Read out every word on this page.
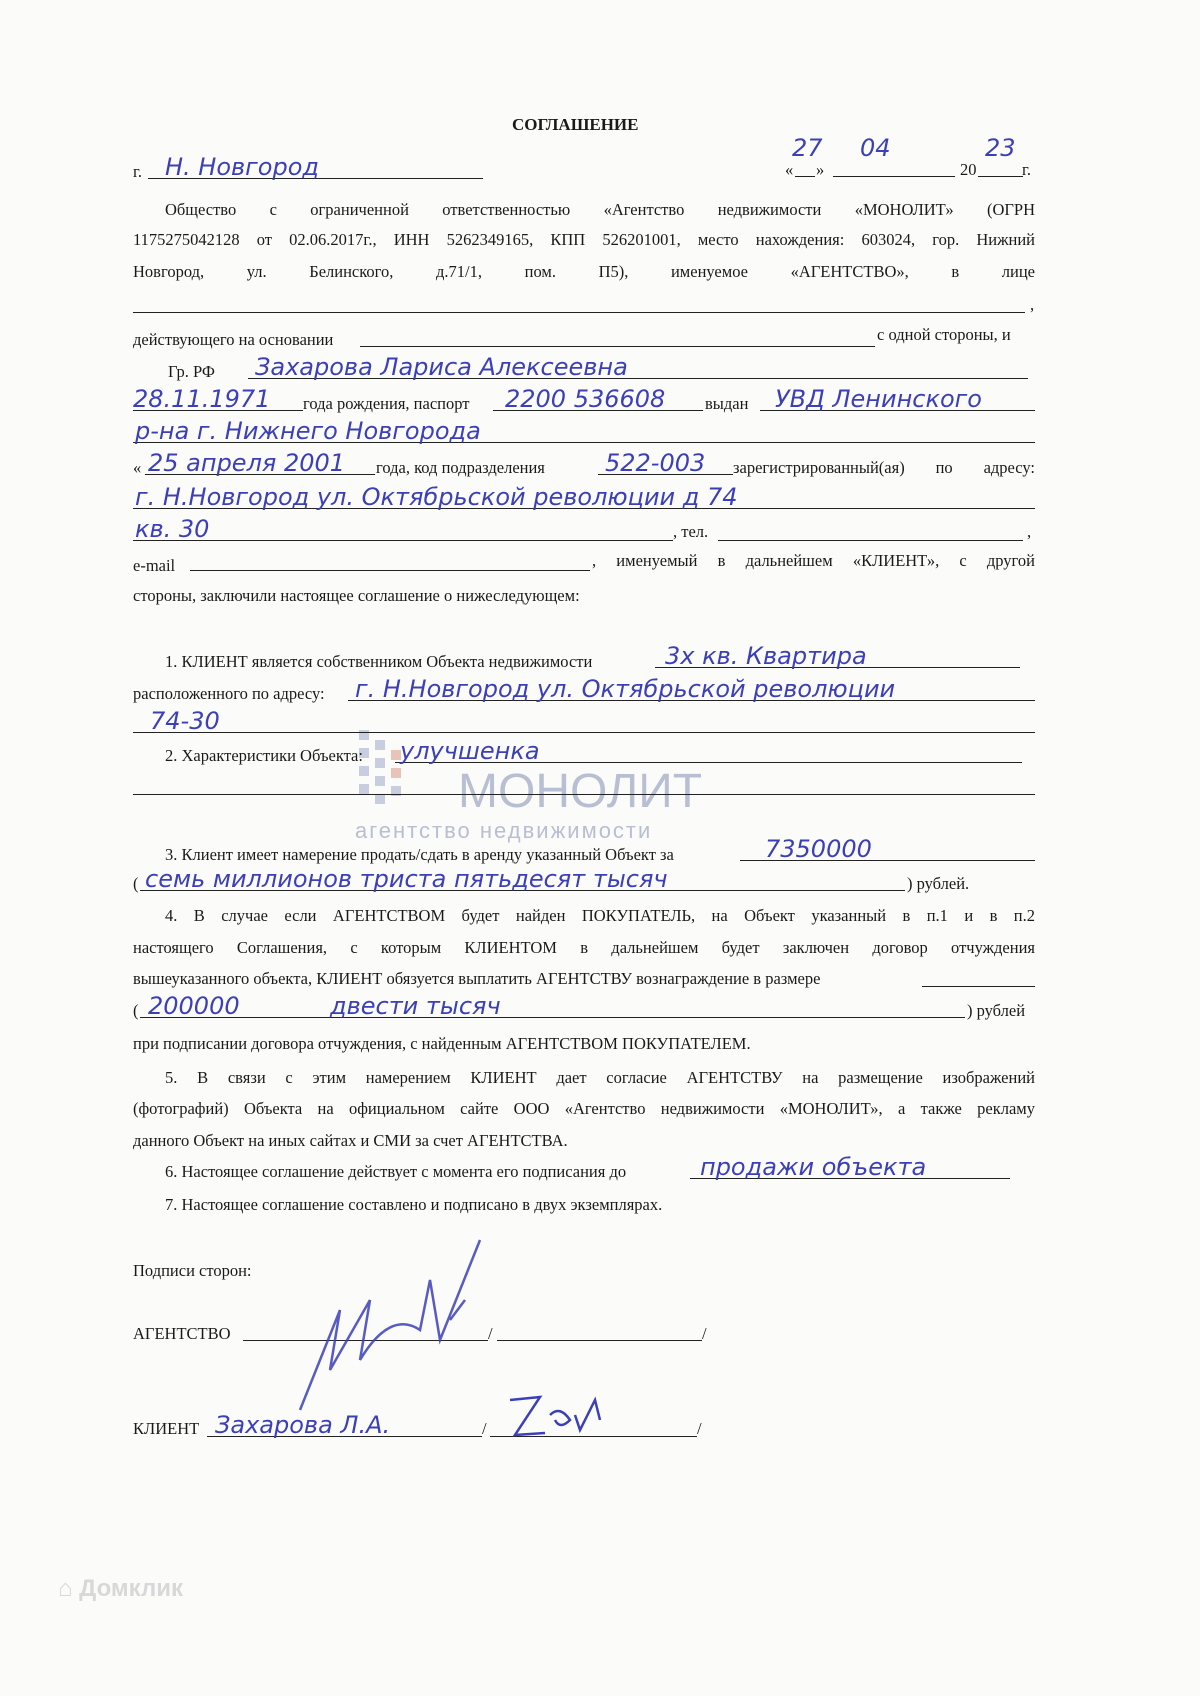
МОНОЛИТ
агентство недвижимости
СОГЛАШЕНИЕ
г. Н. Новгород	« »
27 04
20
23
г.
Общество с ограниченной ответственностью «Агентство недвижимости «МОНОЛИТ» (ОГРН
1175275042128 от 02.06.2017г., ИНН 5262349165, КПП 526201001, место нахождения: 603024, гор. Нижний
Новгород, ул. Белинского, д.71/1, пом. П5), именуемое «АГЕНТСТВО», в лице
,
действующего на основании	с одной стороны, и
Гр. РФ Захарова Лариса Алексеевна
28.11.1971 года рождения, паспорт 2200 536608 выдан УВД Ленинского
р-на г. Нижнего Новгорода
« 25 апреля 2001 года, код подразделения	522-003 зарегистрированный(ая) по адресу:
г. Н.Новгород ул. Октябрьской революции д 74
кв. 30	, тел.	,
e-mail	, именуемый в дальнейшем «КЛИЕНТ», с другой
стороны, заключили настоящее соглашение о нижеследующем:
1. КЛИЕНТ является собственником Объекта недвижимости	3х кв. Квартира
расположенного по адресу: г. Н.Новгород ул. Октябрьской революции
74-30
2. Характеристики Объекта: улучшенка
3. Клиент имеет намерение продать/сдать в аренду указанный Объект за	7350000
( семь миллионов триста пятьдесят тысяч	) рублей.
4. В случае если АГЕНТСТВОМ будет найден ПОКУПАТЕЛЬ, на Объект указанный в п.1 и в п.2
настоящего Соглашения, с которым КЛИЕНТОМ в дальнейшем будет заключен договор отчуждения
вышеуказанного объекта, КЛИЕНТ обязуется выплатить АГЕНТСТВУ вознаграждение в размере
( 200000	двести тысяч	) рублей
при подписании договора отчуждения, с найденным АГЕНТСТВОМ ПОКУПАТЕЛЕМ.
5. В связи с этим намерением КЛИЕНТ дает согласие АГЕНТСТВУ на размещение изображений
(фотографий) Объекта на официальном сайте ООО «Агентство недвижимости «МОНОЛИТ», а также рекламу
данного Объект на иных сайтах и СМИ за счет АГЕНТСТВА.
6. Настоящее соглашение действует с момента его подписания до	продажи объекта
7. Настоящее соглашение составлено и подписано в двух экземплярах.
Подписи сторон:
АГЕНТСТВО	/	/
КЛИЕНТ Захарова Л.А.	/	/
⌂ Домклик
